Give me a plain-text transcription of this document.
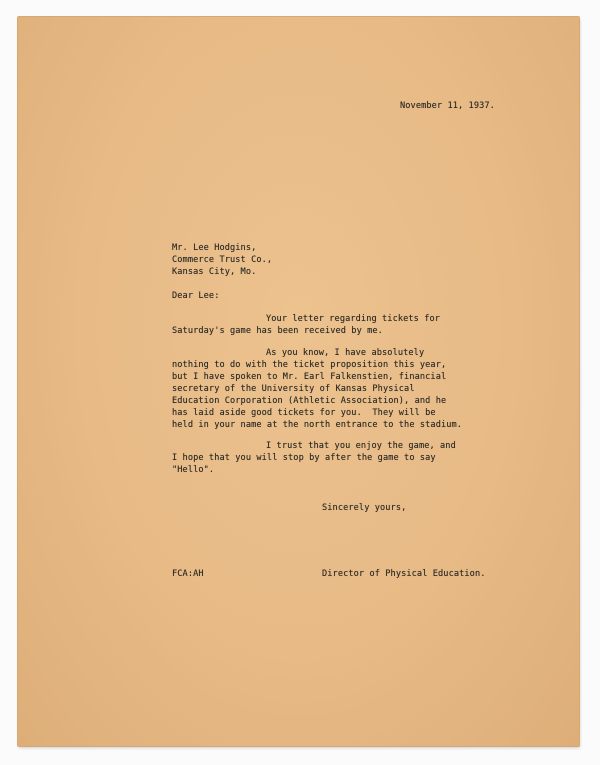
November 11, 1937.

Mr. Lee Hodgins,

Commerce Trust Co.,

Kansas City, Mo.

Dear Lee:

Your letter regarding tickets for

Saturday's game has been received by me.

As you know, I have absolutely

nothing to do with the ticket proposition this year,

but I have spoken to Mr. Earl Falkenstien, financial

secretary of the University of Kansas Physical

Education Corporation (Athletic Association), and he

has laid aside good tickets for you.  They will be

held in your name at the north entrance to the stadium.

I trust that you enjoy the game, and

I hope that you will stop by after the game to say

"Hello".

Sincerely yours,

FCA:AH	Director of Physical Education.
